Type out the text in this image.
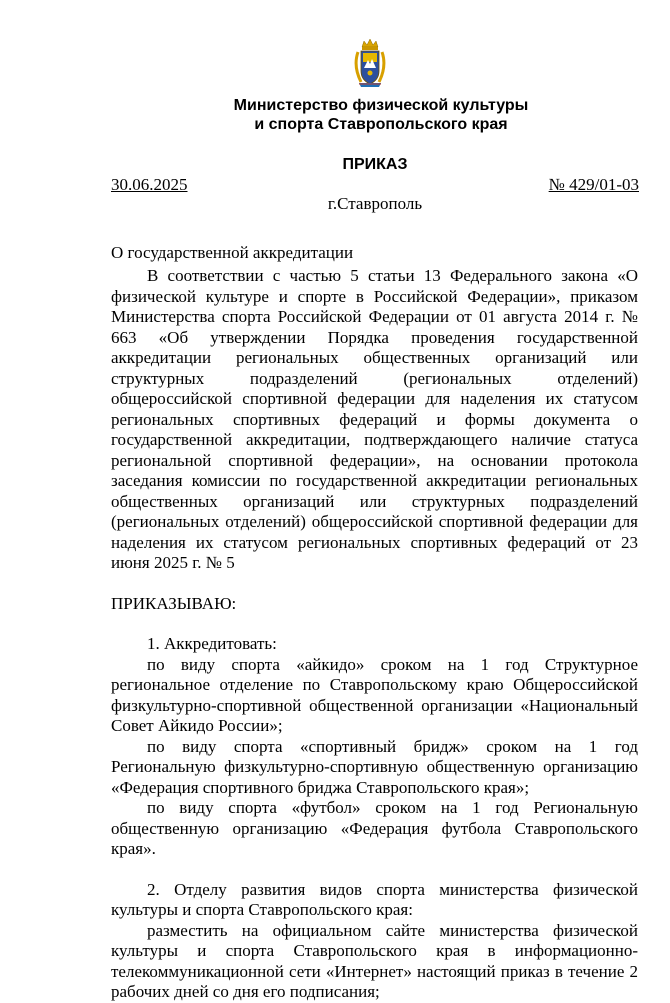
Министерство физической культуры
и спорта Ставропольского края
ПРИКАЗ
30.06.2025	№ 429/01-03
г.Ставрополь
О государственной аккредитации

В соответствии с частью 5 статьи 13 Федерального закона «О физической культуре и спорте в Российской Федерации», приказом Министерства спорта Российской Федерации от 01 августа 2014 г. № 663 «Об утверждении Порядка проведения государственной аккредитации региональных общественных организаций или структурных подразделений (региональных отделений) общероссийской спортивной федерации для наделения их статусом региональных спортивных федераций и формы документа о государственной аккредитации, подтверждающего наличие статуса региональной спортивной федерации», на основании протокола заседания комиссии по государственной аккредитации региональных общественных организаций или структурных подразделений (региональных отделений) общероссийской спортивной федерации для наделения их статусом региональных спортивных федераций от 23 июня 2025 г. № 5

ПРИКАЗЫВАЮ:

1. Аккредитовать:

по виду спорта «айкидо» сроком на 1 год Структурное региональное отделение по Ставропольскому краю Общероссийской физкультурно-спортивной общественной организации «Национальный Совет Айкидо России»;

по виду спорта «спортивный бридж» сроком на 1 год Региональную физкультурно-спортивную общественную организацию «Федерация спортивного бриджа Ставропольского края»;

по виду спорта «футбол» сроком на 1 год Региональную общественную организацию «Федерация футбола Ставропольского края».

2. Отделу развития видов спорта министерства физической культуры и спорта Ставропольского края:

разместить на официальном сайте министерства физической культуры и спорта Ставропольского края в информационно-телекоммуникационной сети «Интернет» настоящий приказ в течение 2 рабочих дней со дня его подписания;
